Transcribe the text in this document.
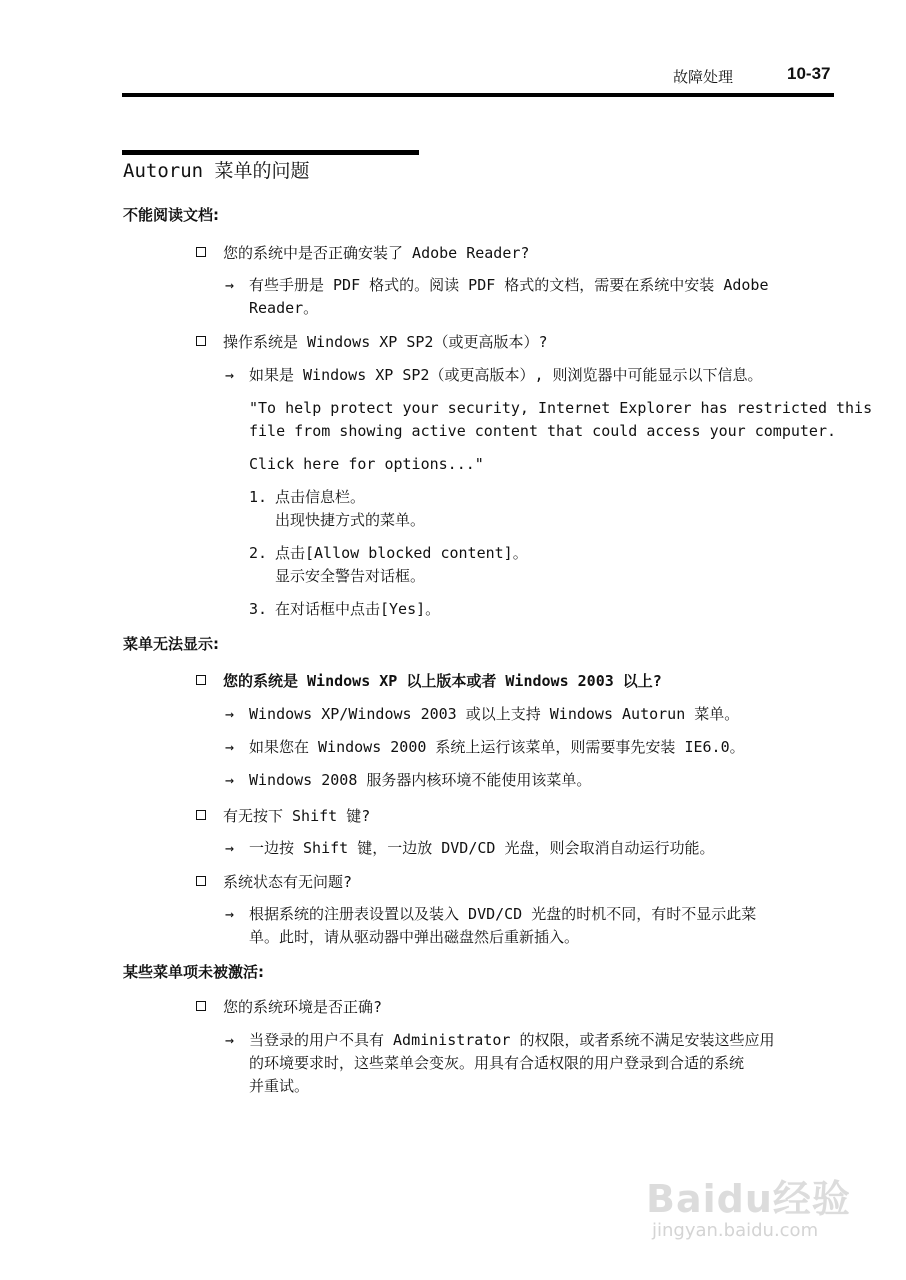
故障处理	10-37
Autorun 菜单的问题
不能阅读文档:
您的系统中是否正确安装了 Adobe Reader?
→ 有些手册是 PDF 格式的。阅读 PDF 格式的文档，需要在系统中安装 Adobe
Reader。
操作系统是 Windows XP SP2（或更高版本）?
→ 如果是 Windows XP SP2（或更高版本）, 则浏览器中可能显示以下信息。
"To help protect your security, Internet Explorer has restricted this
file from showing active content that could access your computer.
Click here for options..."
1. 点击信息栏。
出现快捷方式的菜单。
2. 点击[Allow blocked content]。
显示安全警告对话框。
3. 在对话框中点击[Yes]。
菜单无法显示:
您的系统是 Windows XP 以上版本或者 Windows 2003 以上?
→ Windows XP/Windows 2003 或以上支持 Windows Autorun 菜单。
→ 如果您在 Windows 2000 系统上运行该菜单，则需要事先安装 IE6.0。
→ Windows 2008 服务器内核环境不能使用该菜单。
有无按下 Shift 键?
→ 一边按 Shift 键，一边放 DVD/CD 光盘，则会取消自动运行功能。
系统状态有无问题?
→ 根据系统的注册表设置以及装入 DVD/CD 光盘的时机不同，有时不显示此菜
单。此时，请从驱动器中弹出磁盘然后重新插入。
某些菜单项未被激活:
您的系统环境是否正确?
→ 当登录的用户不具有 Administrator 的权限，或者系统不满足安装这些应用
的环境要求时，这些菜单会变灰。用具有合适权限的用户登录到合适的系统
并重试。
Baidu经验
jingyan.baidu.com
